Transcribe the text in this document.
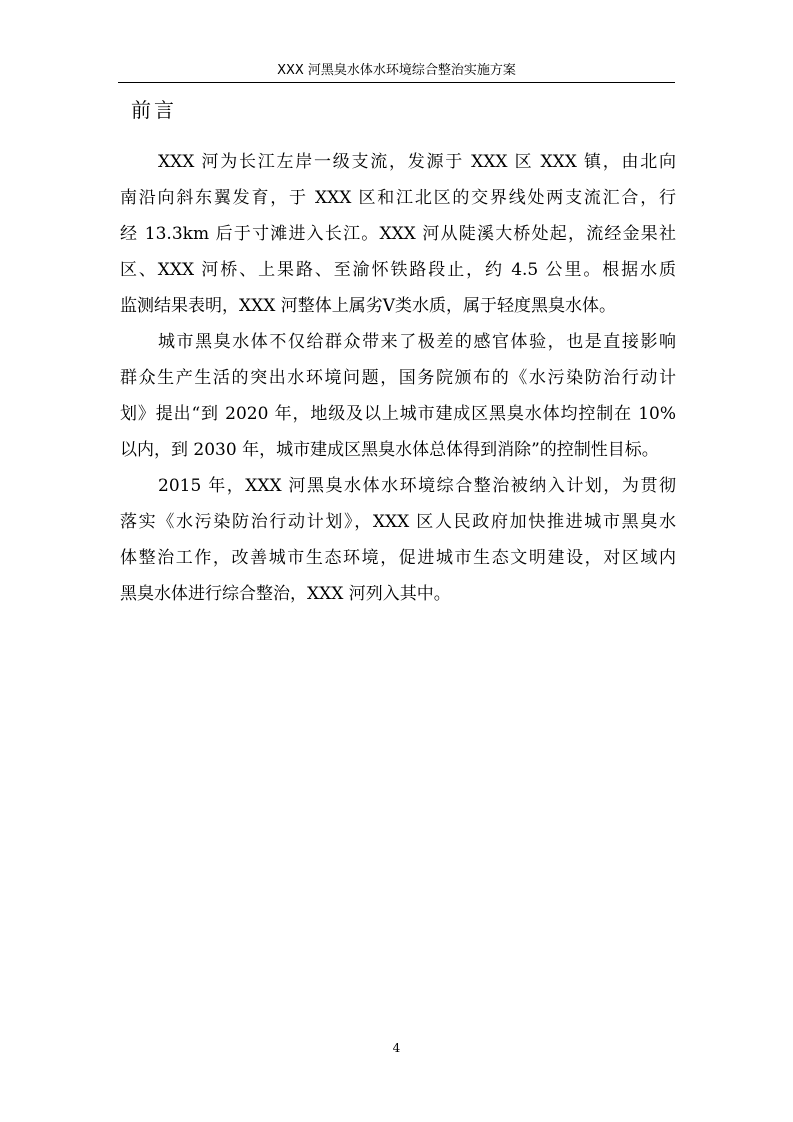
XXX 河黑臭水体水环境综合整治实施方案
前言
XXX 河为长江左岸一级支流，发源于 XXX 区 XXX 镇，由北向
南沿向斜东翼发育，于 XXX 区和江北区的交界线处两支流汇合，行
经 13.3km 后于寸滩进入长江。XXX 河从陡溪大桥处起，流经金果社
区、XXX 河桥、上果路、至渝怀铁路段止，约 4.5 公里。根据水质
监测结果表明，XXX 河整体上属劣Ⅴ类水质，属于轻度黑臭水体。
城市黑臭水体不仅给群众带来了极差的感官体验，也是直接影响
群众生产生活的突出水环境问题，国务院颁布的《水污染防治行动计
划》提出“到 2020 年，地级及以上城市建成区黑臭水体均控制在 10%
以内，到 2030 年，城市建成区黑臭水体总体得到消除”的控制性目标。
2015 年，XXX 河黑臭水体水环境综合整治被纳入计划，为贯彻
落实《水污染防治行动计划》，XXX 区人民政府加快推进城市黑臭水
体整治工作，改善城市生态环境，促进城市生态文明建设，对区域内
黑臭水体进行综合整治，XXX 河列入其中。
4
